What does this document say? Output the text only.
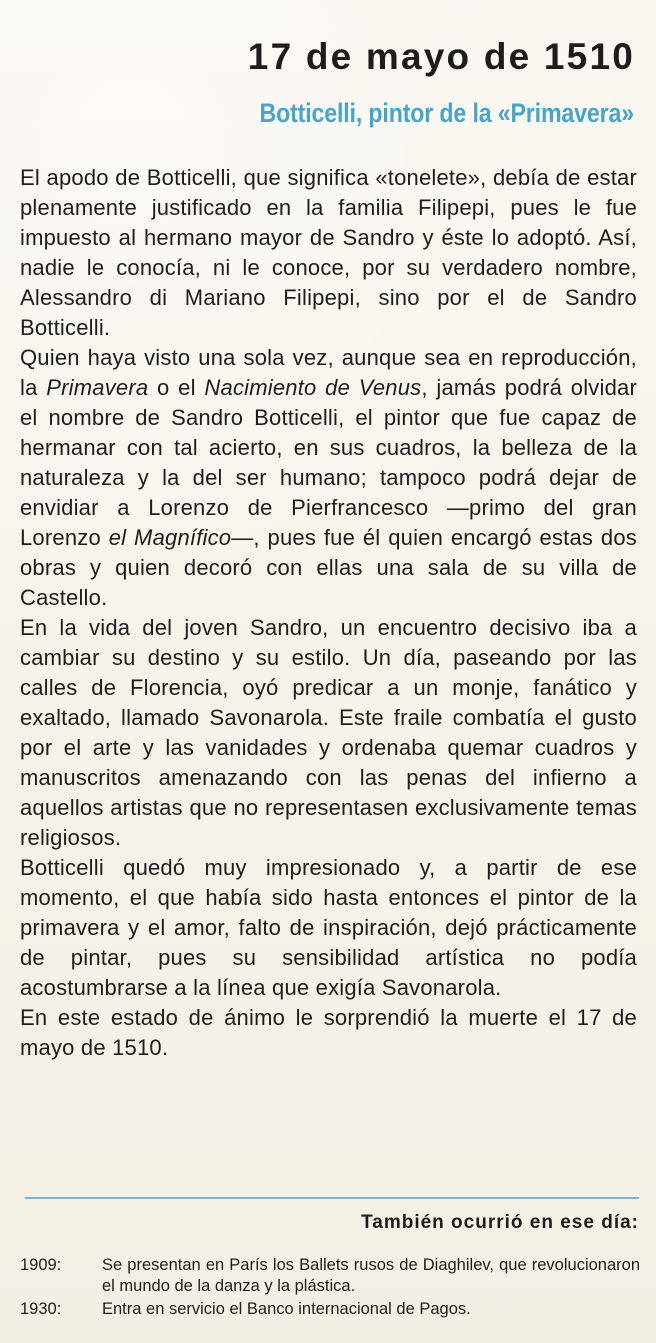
17 de mayo de 1510
Botticelli, pintor de la «Primavera»

El apodo de Botticelli, que significa «tonelete», debía de estar plenamente justificado en la familia Filipepi, pues le fue impuesto al hermano mayor de Sandro y éste lo adoptó. Así, nadie le conocía, ni le conoce, por su verdadero nombre, Alessandro di Mariano Filipepi, sino por el de Sandro Botticelli.

Quien haya visto una sola vez, aunque sea en reproducción, la Primavera o el Nacimiento de Venus, jamás podrá olvidar el nombre de Sandro Botticelli, el pintor que fue capaz de hermanar con tal acierto, en sus cuadros, la belleza de la naturaleza y la del ser humano; tampoco podrá dejar de envidiar a Lorenzo de Pierfrancesco —primo del gran Lorenzo el Magnífico—, pues fue él quien encargó estas dos obras y quien decoró con ellas una sala de su villa de Castello.

En la vida del joven Sandro, un encuentro decisivo iba a cambiar su destino y su estilo. Un día, paseando por las calles de Florencia, oyó predicar a un monje, fanático y exaltado, llamado Savonarola. Este fraile combatía el gusto por el arte y las vanidades y ordenaba quemar cuadros y manuscritos amenazando con las penas del infierno a aquellos artistas que no representasen exclusivamente temas religiosos.

Botticelli quedó muy impresionado y, a partir de ese momento, el que había sido hasta entonces el pintor de la primavera y el amor, falto de inspiración, dejó prácticamente de pintar, pues su sensibilidad artística no podía acostumbrarse a la línea que exigía Savonarola.

En este estado de ánimo le sorprendió la muerte el 17 de mayo de 1510.

También ocurrió en ese día:
1909:	Se presentan en París los Ballets rusos de Diaghilev, que revolucionaron el mundo de la danza y la plástica.
1930:	Entra en servicio el Banco internacional de Pagos.
